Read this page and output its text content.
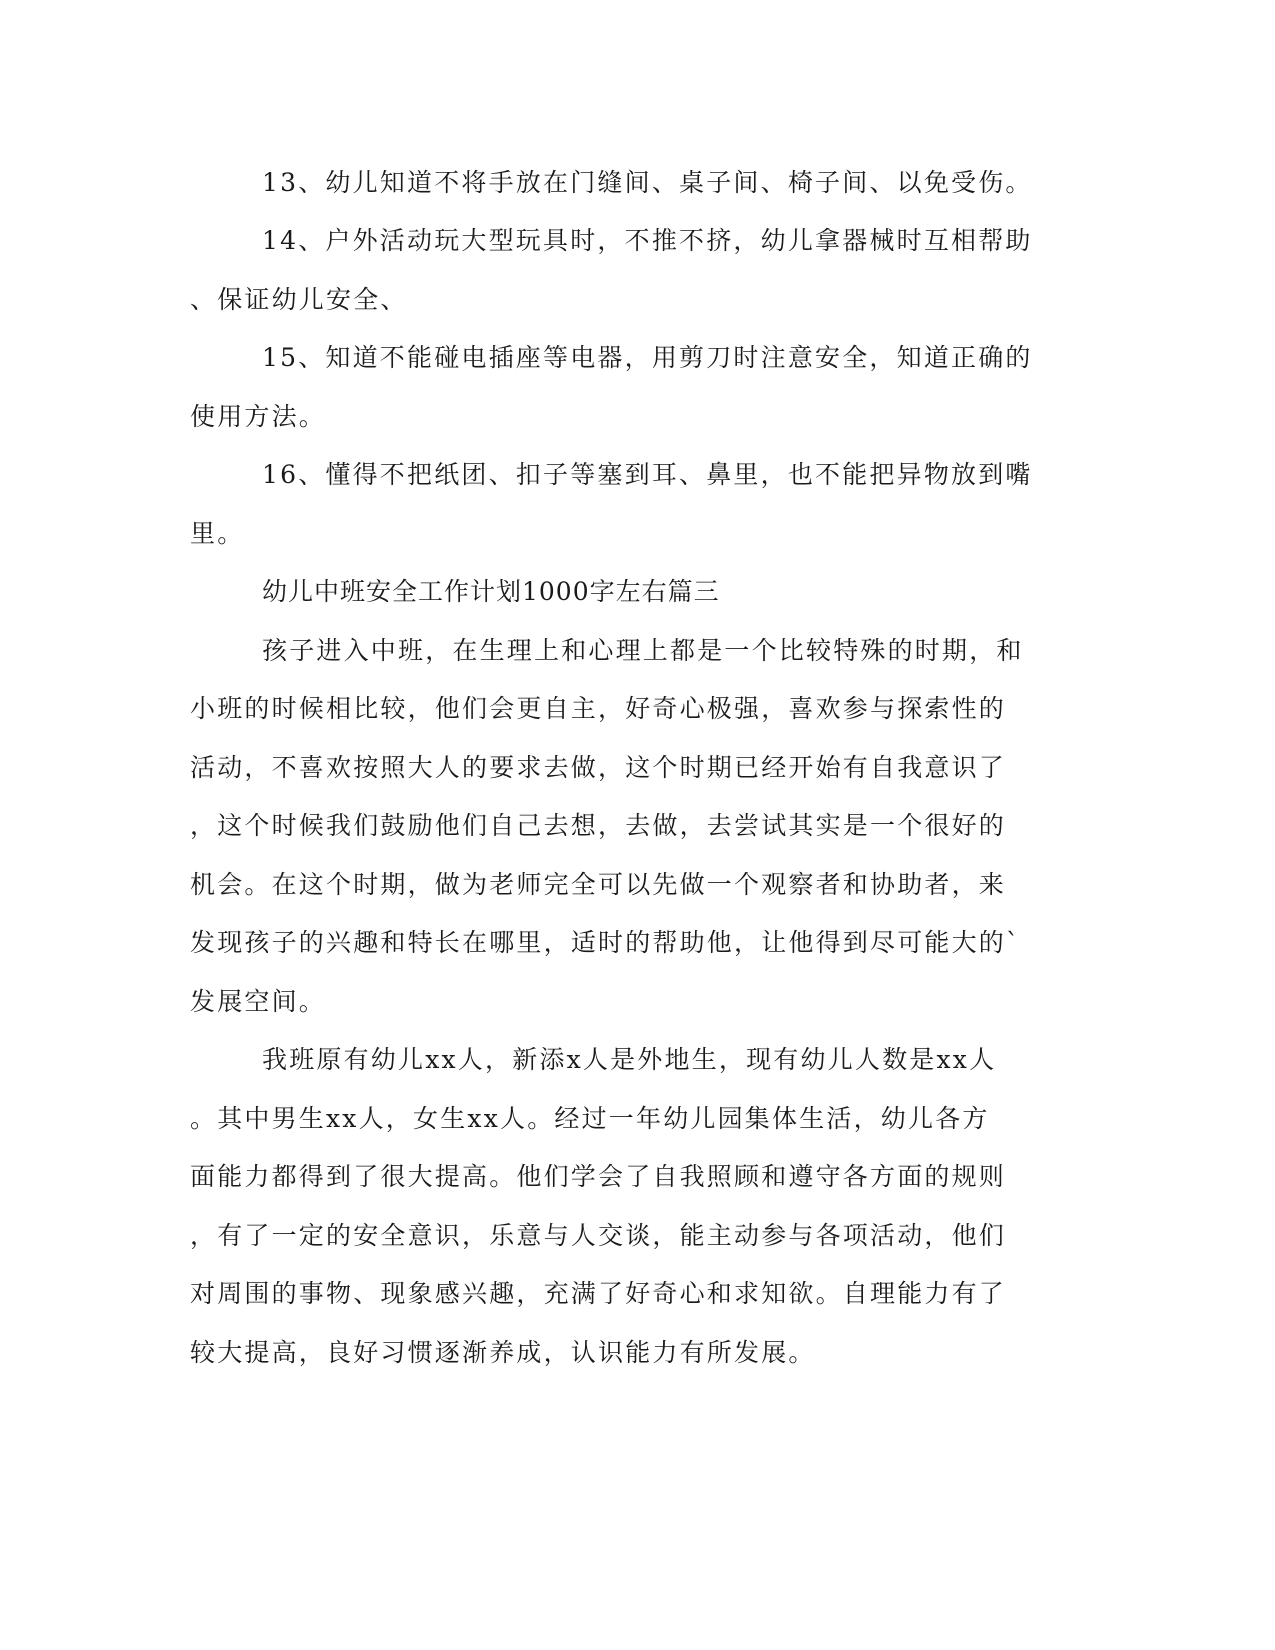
13、幼儿知道不将手放在门缝间、桌子间、椅子间、以免受伤。
14、户外活动玩大型玩具时，不推不挤，幼儿拿器械时互相帮助
、保证幼儿安全、
15、知道不能碰电插座等电器，用剪刀时注意安全，知道正确的
使用方法。
16、懂得不把纸团、扣子等塞到耳、鼻里，也不能把异物放到嘴
里。
幼儿中班安全工作计划1000字左右篇三
孩子进入中班，在生理上和心理上都是一个比较特殊的时期，和
小班的时候相比较，他们会更自主，好奇心极强，喜欢参与探索性的
活动，不喜欢按照大人的要求去做，这个时期已经开始有自我意识了
，这个时候我们鼓励他们自己去想，去做，去尝试其实是一个很好的
机会。在这个时期，做为老师完全可以先做一个观察者和协助者，来
发现孩子的兴趣和特长在哪里，适时的帮助他，让他得到尽可能大的`
发展空间。
我班原有幼儿xx人，新添x人是外地生，现有幼儿人数是xx人
。其中男生xx人，女生xx人。经过一年幼儿园集体生活，幼儿各方
面能力都得到了很大提高。他们学会了自我照顾和遵守各方面的规则
，有了一定的安全意识，乐意与人交谈，能主动参与各项活动，他们
对周围的事物、现象感兴趣，充满了好奇心和求知欲。自理能力有了
较大提高，良好习惯逐渐养成，认识能力有所发展。
